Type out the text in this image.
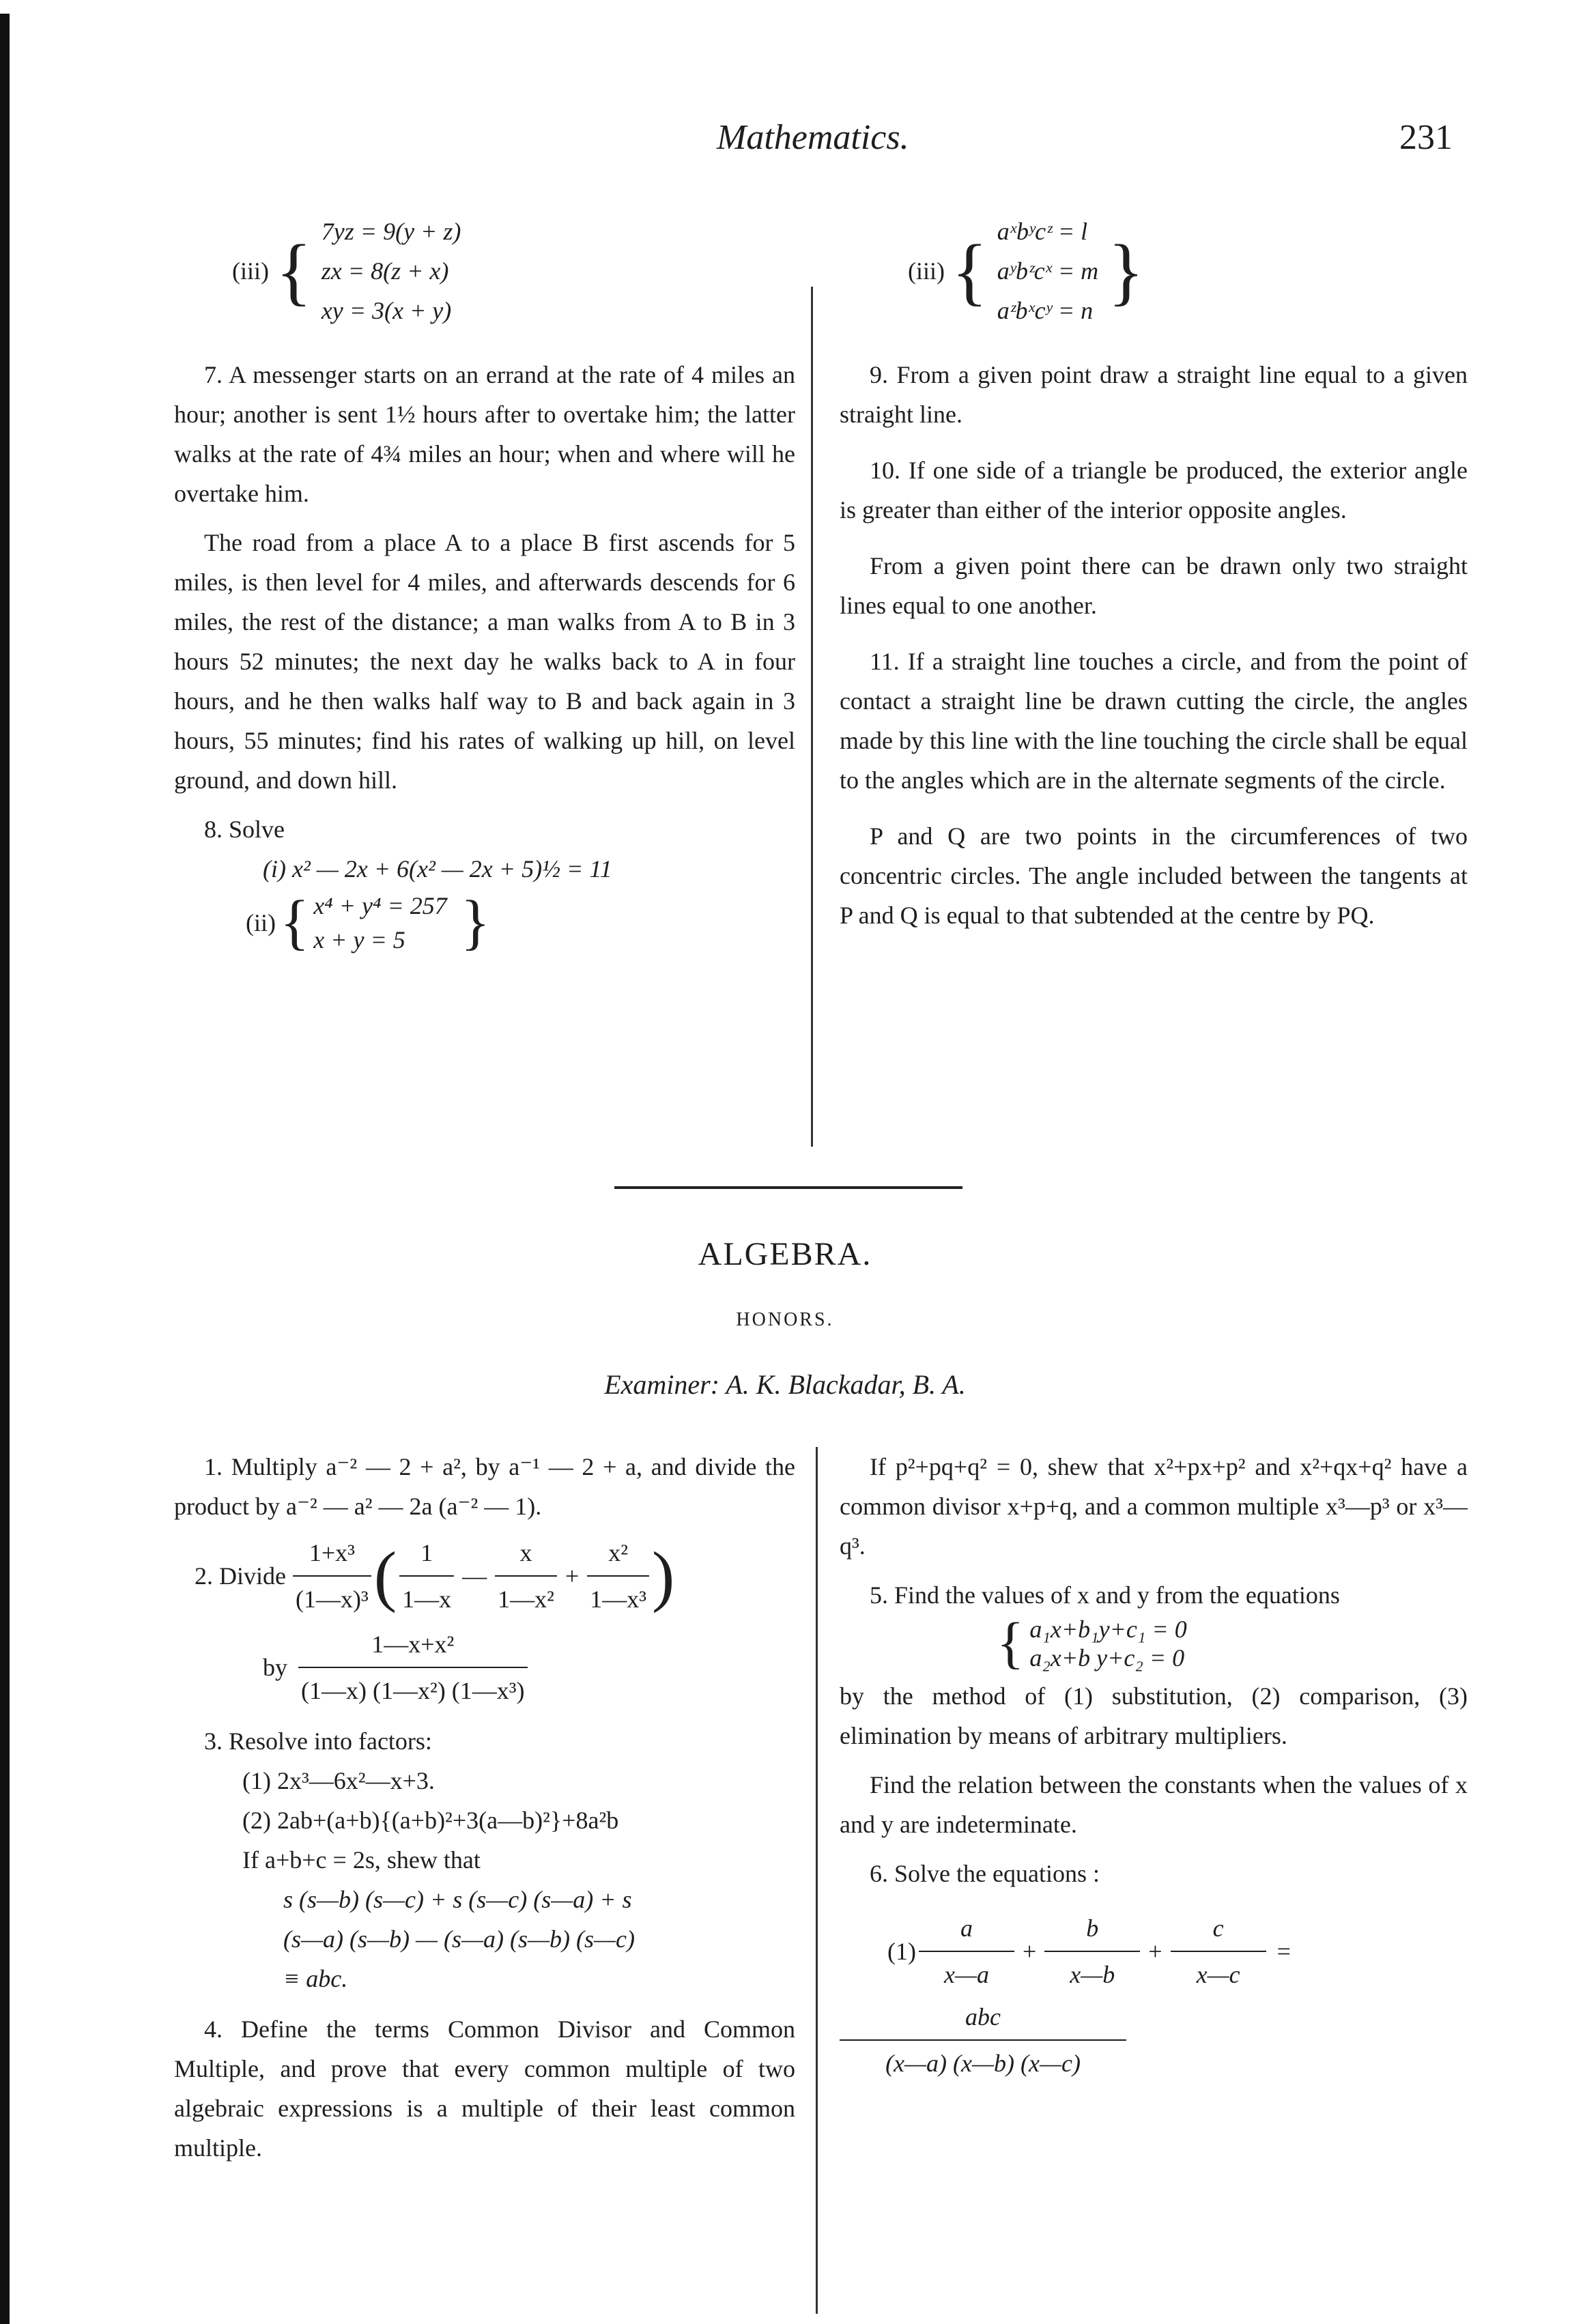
Mathematics.	231
(iii) { 7yz = 9(y + z)
zx = 8(z + x)
xy = 3(x + y)

7. A messenger starts on an errand at the rate of 4 miles an hour; another is sent 1½ hours after to overtake him; the latter walks at the rate of 4¾ miles an hour; when and where will he overtake him.

The road from a place A to a place B first ascends for 5 miles, is then level for 4 miles, and afterwards descends for 6 miles, the rest of the distance; a man walks from A to B in 3 hours 52 minutes; the next day he walks back to A in four hours, and he then walks half way to B and back again in 3 hours, 55 minutes; find his rates of walking up hill, on level ground, and down hill.

8. Solve

(i) x² — 2x + 6(x² — 2x + 5)½ = 11
(ii) { x⁴ + y⁴ = 257
x + y = 5 }
(iii) { aˣbʸcᶻ = l
aʸbᶻcˣ = m
aᶻbˣcʸ = n }

9. From a given point draw a straight line equal to a given straight line.

10. If one side of a triangle be produced, the exterior angle is greater than either of the interior opposite angles.

From a given point there can be drawn only two straight lines equal to one another.

11. If a straight line touches a circle, and from the point of contact a straight line be drawn cutting the circle, the angles made by this line with the line touching the circle shall be equal to the angles which are in the alternate segments of the circle.

P and Q are two points in the circumferences of two concentric circles. The angle included between the tangents at P and Q is equal to that subtended at the centre by PQ.

ALGEBRA.
HONORS.
Examiner: A. K. Blackadar, B. A.

1. Multiply a⁻² — 2 + a², by a⁻¹ — 2 + a, and divide the product by a⁻² — a² — 2a (a⁻² — 1).

2. Divide $\frac{\text{1+x³}}{\text{(1—x)³}}$ ( $\frac{1}{1—x}$ — $\frac{x}{\text{1—x²}} + \frac{\text{x²}}{\text{1—x³}}$ )
by $\frac{\text{1—x+x²}}{\text{(1—x) (1—x²) (1—x³)}}$

3. Resolve into factors:

(1) 2x³—6x²—x+3.
(2) 2ab+(a+b){(a+b)²+3(a—b)²}+8a²b
If a+b+c = 2s, shew that
s (s—b) (s—c) + s (s—c) (s—a) + s
(s—a) (s—b) — (s—a) (s—b) (s—c)
≡ abc.

4. Define the terms Common Divisor and Common Multiple, and prove that every common multiple of two algebraic expressions is a multiple of their least common multiple.

If p²+pq+q² = 0, shew that x²+px+p² and x²+qx+q² have a common divisor x+p+q, and a common multiple x³—p³ or x³—q³.

5. Find the values of x and y from the equations

{ a₁x+b₁y+c₁ = 0
a₂x+b y+c₂ = 0

by the method of (1) substitution, (2) comparison, (3) elimination by means of arbitrary multipliers.

Find the relation between the constants when the values of x and y are indeterminate.

6. Solve the equations :

$(1) \frac{a}{x—a} + \frac{b}{x—b} + \frac{c}{x—c}$ =
$\frac{\text{abc}}{(x—a) (x—b) (x—c)}$
